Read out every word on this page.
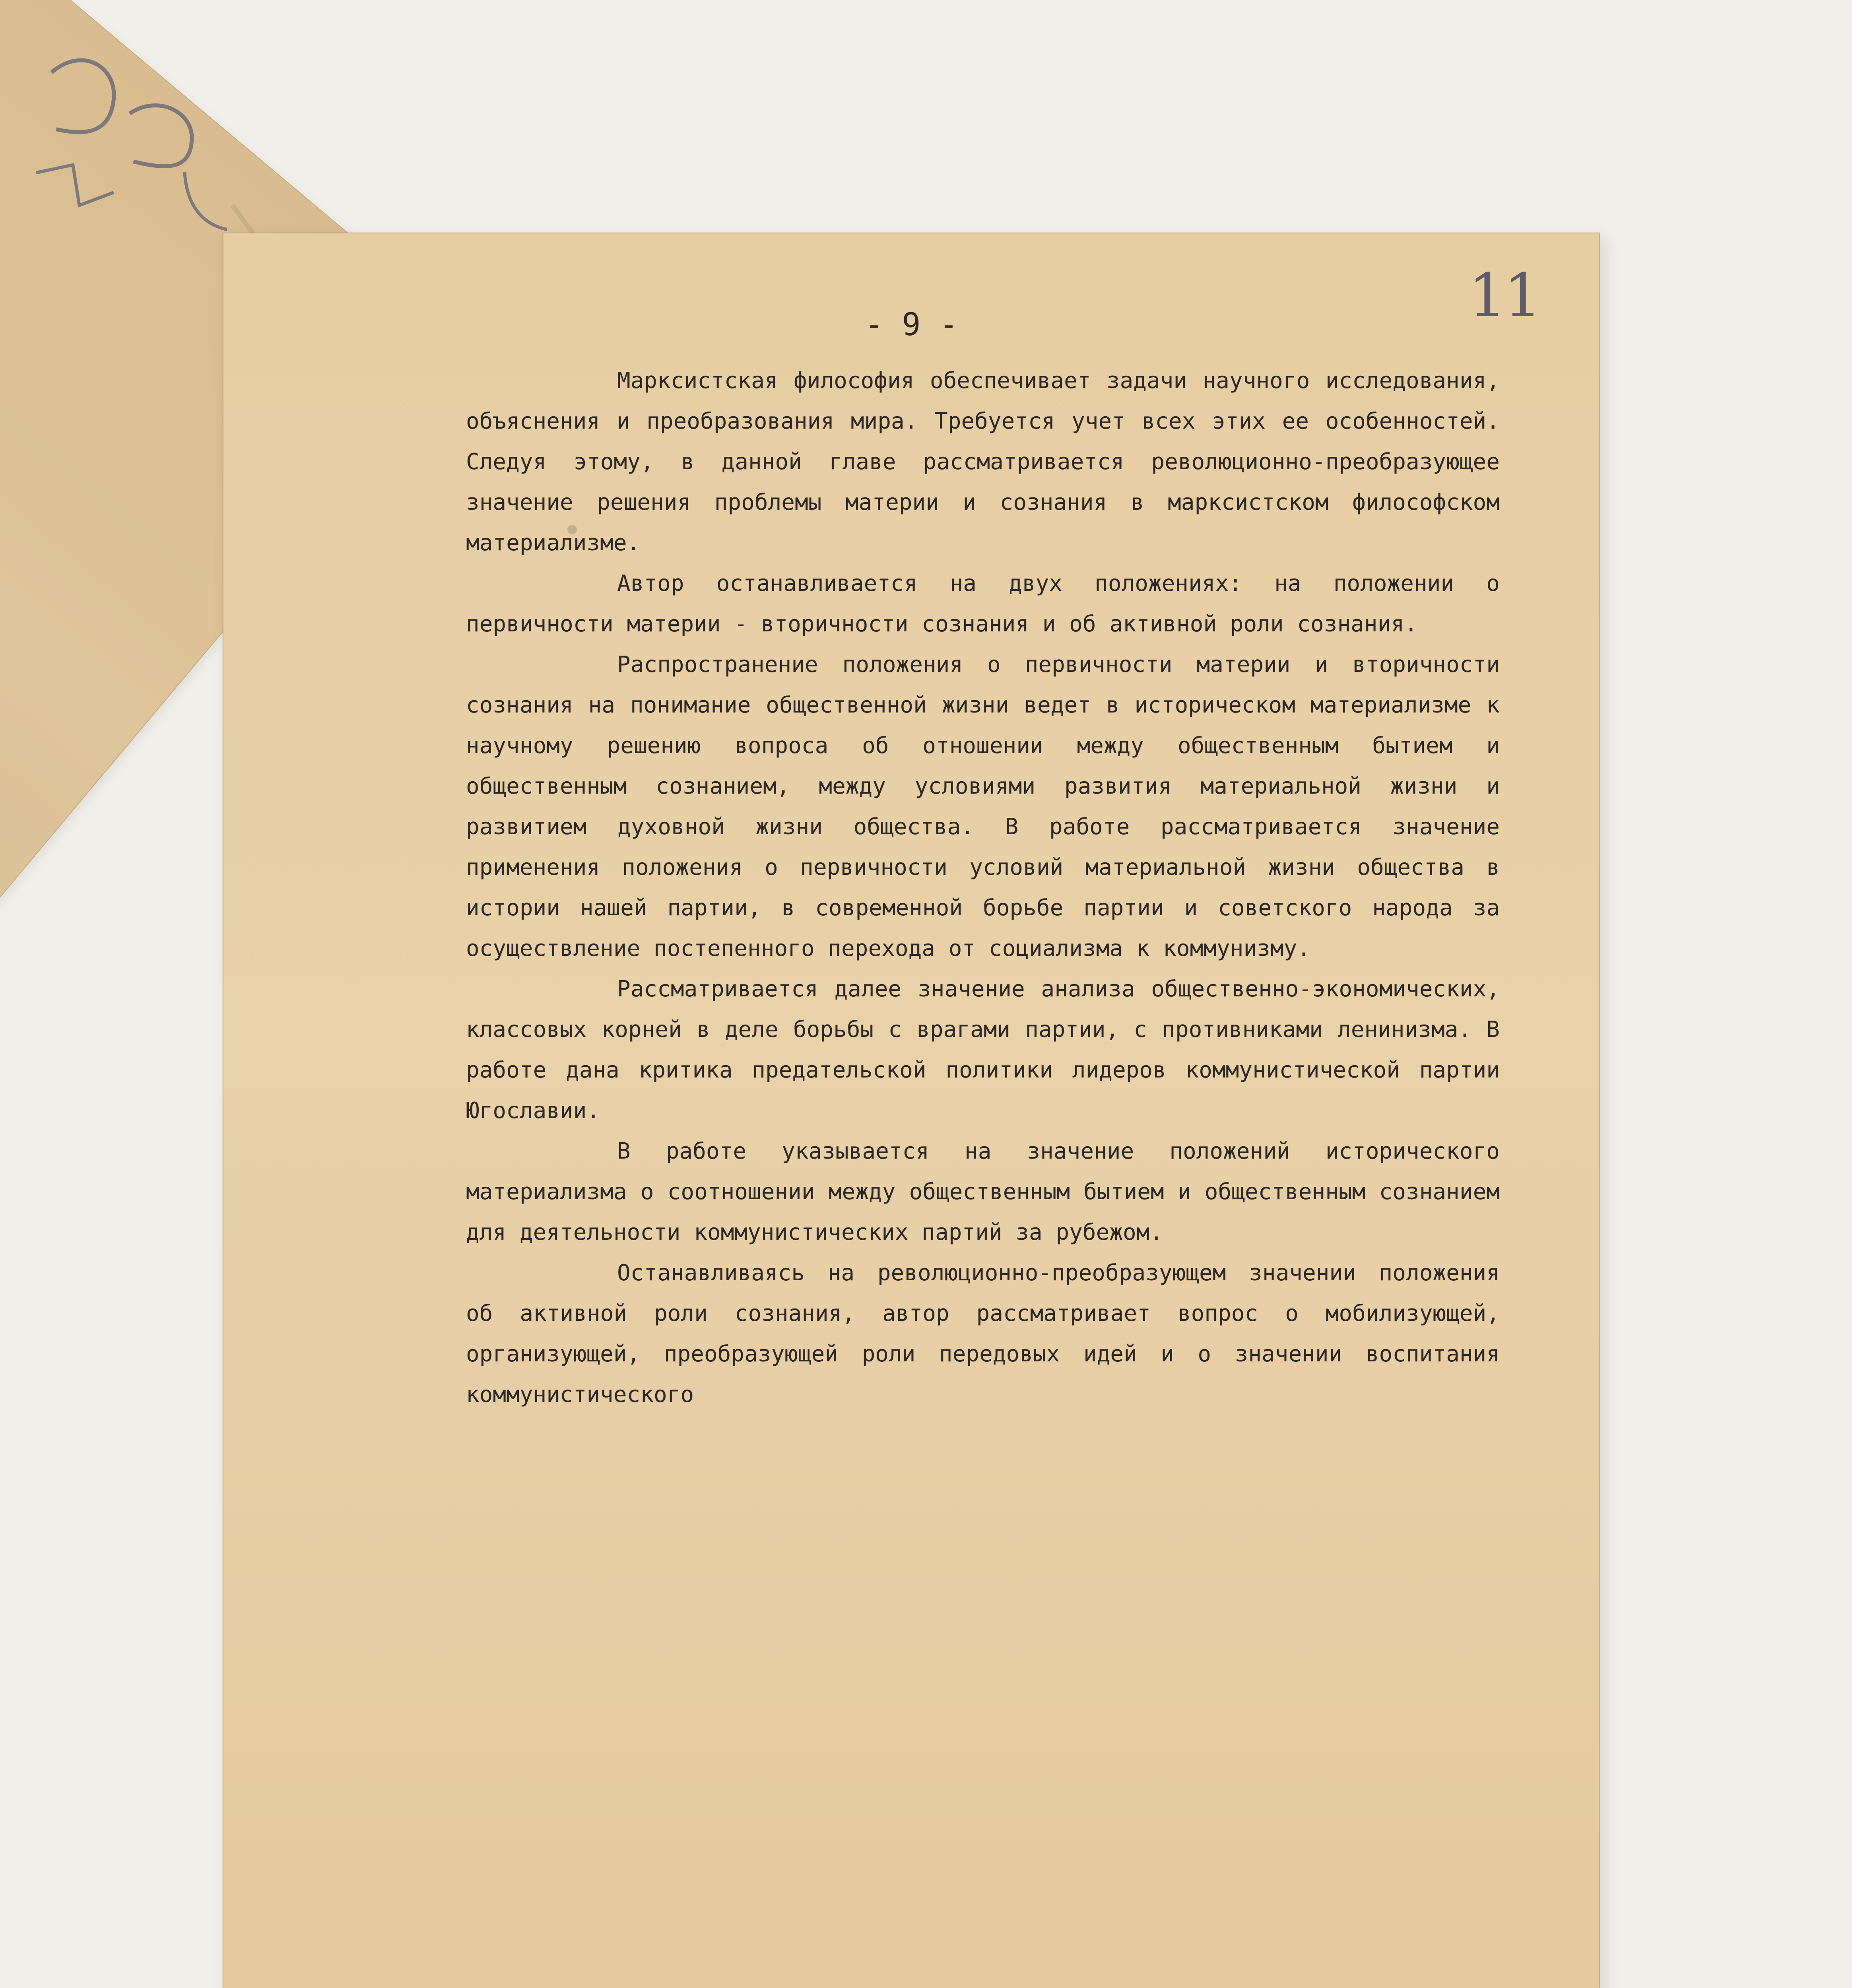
11
- 9 -

Марксистская философия обеспечивает задачи научного исследования, объяснения и преобразования мира. Требуется учет всех этих ее особенностей. Следуя этому, в данной главе рассматривается революционно-преобразующее значение решения проблемы материи и сознания в марксистском философском материализме.

Автор останавливается на двух положениях: на положении о первичности материи - вторичности сознания и об активной роли сознания.

Распространение положения о первичности материи и вторичности сознания на понимание общественной жизни ведет в историческом материализме к научному решению вопроса об отношении между общественным бытием и общественным сознанием, между условиями развития материальной жизни и развитием духовной жизни общества. В работе рассматривается значение применения положения о первичности условий материальной жизни общества в истории нашей партии, в современной борьбе партии и советского народа за осуществление постепенного перехода от социализма к коммунизму.

Рассматривается далее значение анализа общественно-экономических, классовых корней в деле борьбы с врагами партии, с противниками ленинизма. В работе дана критика предательской политики лидеров коммунистической партии Югославии.

В работе указывается на значение положений исторического материализма о соотношении между общественным бытием и общественным сознанием для деятельности коммунистических партий за рубежом.

Останавливаясь на революционно-преобразующем значении положения об активной роли сознания, автор рассматривает вопрос о мобилизующей, организующей, преобразующей роли передовых идей и о значении воспитания коммунистического
